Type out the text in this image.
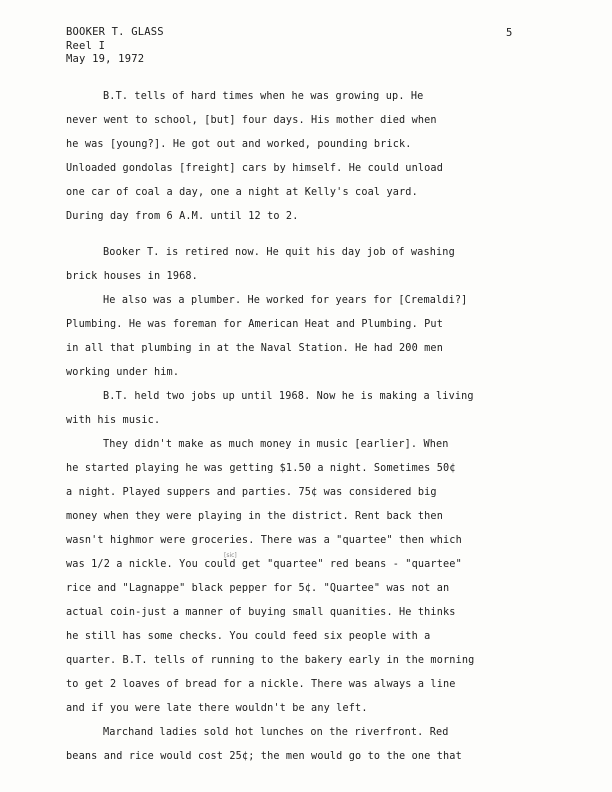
BOOKER T. GLASS
Reel I
May 19, 1972
5
B.T. tells of hard times when he was growing up. He
never went to school, [but] four days. His mother died when
he was [young?]. He got out and worked, pounding brick.
Unloaded gondolas [freight] cars by himself. He could unload
one car of coal a day, one a night at Kelly's coal yard.
During day from 6 A.M. until 12 to 2.
Booker T. is retired now. He quit his day job of washing
brick houses in 1968.
He also was a plumber. He worked for years for [Cremaldi?]
Plumbing. He was foreman for American Heat and Plumbing. Put
in all that plumbing in at the Naval Station. He had 200 men
working under him.
B.T. held two jobs up until 1968. Now he is making a living
with his music.
They didn't make as much money in music [earlier]. When
he started playing he was getting $1.50 a night. Sometimes 50¢
a night. Played suppers and parties. 75¢ was considered big
money when they were playing in the district. Rent back then
wasn't highmor were groceries. There was a "quartee" then which
was 1/2 a nickle. You could get "quartee" red beans - "quartee"
rice and "Lagnappe" black pepper for 5¢. "Quartee" was not an
actual coin-just a manner of buying small quanities. He thinks
he still has some checks. You could feed six people with a
quarter. B.T. tells of running to the bakery early in the morning
to get 2 loaves of bread for a nickle. There was always a line
and if you were late there wouldn't be any left.
Marchand ladies sold hot lunches on the riverfront. Red
beans and rice would cost 25¢; the men would go to the one that
[sic]
